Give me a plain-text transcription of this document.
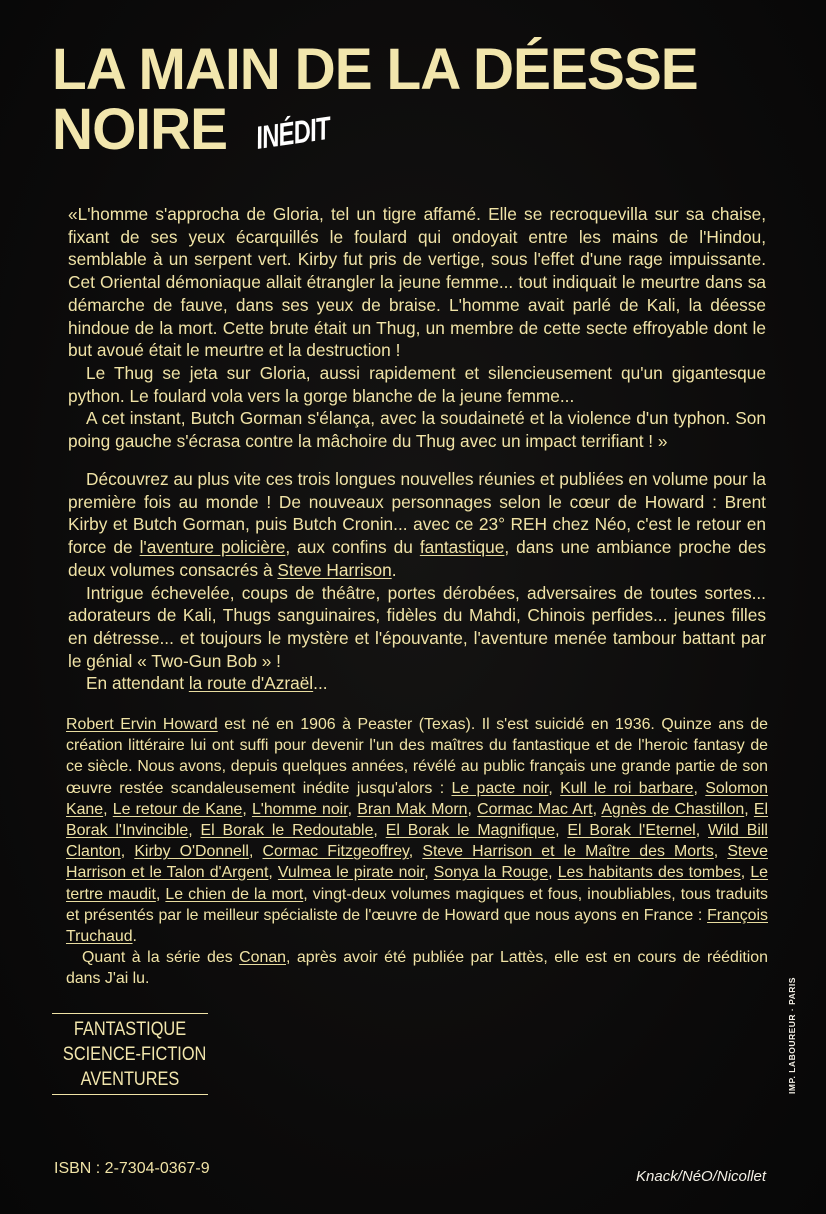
LA MAIN DE LA DÉESSE
NOIRE INÉDIT

«L'homme s'approcha de Gloria, tel un tigre affamé. Elle se recroquevilla sur sa chaise, fixant de ses yeux écarquillés le foulard qui ondoyait entre les mains de l'Hindou, semblable à un serpent vert. Kirby fut pris de vertige, sous l'effet d'une rage impuissante. Cet Oriental démoniaque allait étrangler la jeune femme... tout indiquait le meurtre dans sa démarche de fauve, dans ses yeux de braise. L'homme avait parlé de Kali, la déesse hindoue de la mort. Cette brute était un Thug, un membre de cette secte effroyable dont le but avoué était le meurtre et la destruction !

Le Thug se jeta sur Gloria, aussi rapidement et silencieusement qu'un gigantesque python. Le foulard vola vers la gorge blanche de la jeune femme...

A cet instant, Butch Gorman s'élança, avec la soudaineté et la violence d'un typhon. Son poing gauche s'écrasa contre la mâchoire du Thug avec un impact terrifiant ! »

Découvrez au plus vite ces trois longues nouvelles réunies et publiées en volume pour la première fois au monde ! De nouveaux personnages selon le cœur de Howard : Brent Kirby et Butch Gorman, puis Butch Cronin... avec ce 23° REH chez Néo, c'est le retour en force de l'aventure policière, aux confins du fantastique, dans une ambiance proche des deux volumes consacrés à Steve Harrison.

Intrigue échevelée, coups de théâtre, portes dérobées, adversaires de toutes sortes... adorateurs de Kali, Thugs sanguinaires, fidèles du Mahdi, Chinois perfides... jeunes filles en détresse... et toujours le mystère et l'épouvante, l'aventure menée tambour battant par le génial « Two-Gun Bob » !

En attendant la route d'Azraël...

Robert Ervin Howard est né en 1906 à Peaster (Texas). Il s'est suicidé en 1936. Quinze ans de création littéraire lui ont suffi pour devenir l'un des maîtres du fantastique et de l'heroic fantasy de ce siècle. Nous avons, depuis quelques années, révélé au public français une grande partie de son œuvre restée scandaleusement inédite jusqu'alors : Le pacte noir, Kull le roi barbare, Solomon Kane, Le retour de Kane, L'homme noir, Bran Mak Morn, Cormac Mac Art, Agnès de Chastillon, El Borak l'Invincible, El Borak le Redoutable, El Borak le Magnifique, El Borak l'Eternel, Wild Bill Clanton, Kirby O'Donnell, Cormac Fitzgeoffrey, Steve Harrison et le Maître des Morts, Steve Harrison et le Talon d'Argent, Vulmea le pirate noir, Sonya la Rouge, Les habitants des tombes, Le tertre maudit, Le chien de la mort, vingt-deux volumes magiques et fous, inoubliables, tous traduits et présentés par le meilleur spécialiste de l'œuvre de Howard que nous ayons en France : François Truchaud.

Quant à la série des Conan, après avoir été publiée par Lattès, elle est en cours de réédition dans J'ai lu.

FANTASTIQUE
SCIENCE-FICTION
AVENTURES	IMP. LABOUREUR · PARIS
ISBN : 2-7304-0367-9	Knack/NéO/Nicollet
